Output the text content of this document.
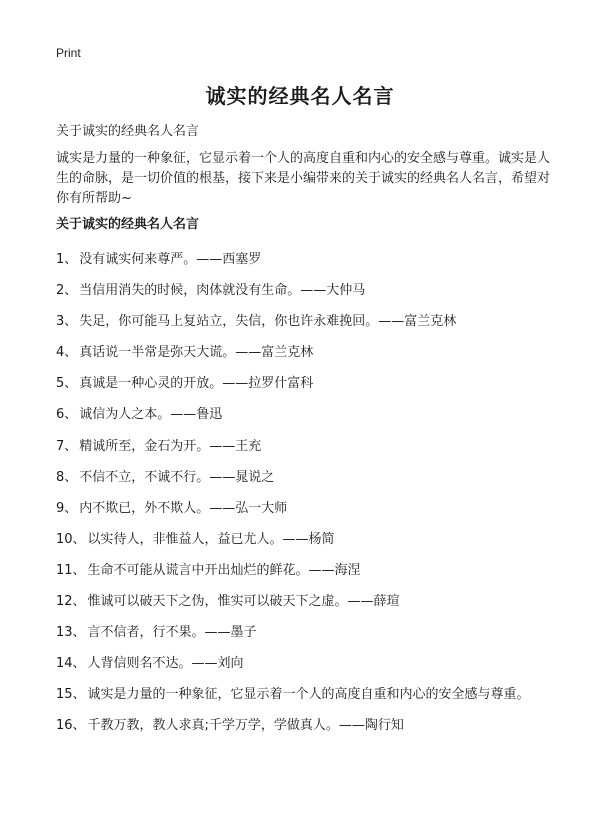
Print
诚实的经典名人名言

关于诚实的经典名人名言

诚实是力量的一种象征，它显示着一个人的高度自重和内心的安全感与尊重。诚实是人生的命脉，是一切价值的根基，接下来是小编带来的关于诚实的经典名人名言，希望对你有所帮助~

关于诚实的经典名人名言

1、 没有诚实何来尊严。——西塞罗
2、 当信用消失的时候，肉体就没有生命。——大仲马
3、 失足，你可能马上复站立，失信，你也许永难挽回。——富兰克林
4、 真话说一半常是弥天大谎。——富兰克林
5、 真诚是一种心灵的开放。——拉罗什富科
6、 诚信为人之本。——鲁迅
7、 精诚所至，金石为开。——王充
8、 不信不立，不诚不行。——晁说之
9、 内不欺已，外不欺人。——弘一大师
10、 以实待人，非惟益人，益已尤人。——杨简
11、 生命不可能从谎言中开出灿烂的鲜花。——海涅
12、 惟诚可以破天下之伪，惟实可以破天下之虚。——薛瑄
13、 言不信者，行不果。——墨子
14、 人背信则名不达。——刘向
15、 诚实是力量的一种象征，它显示着一个人的高度自重和内心的安全感与尊重。
16、 千教万教，教人求真;千学万学，学做真人。——陶行知
